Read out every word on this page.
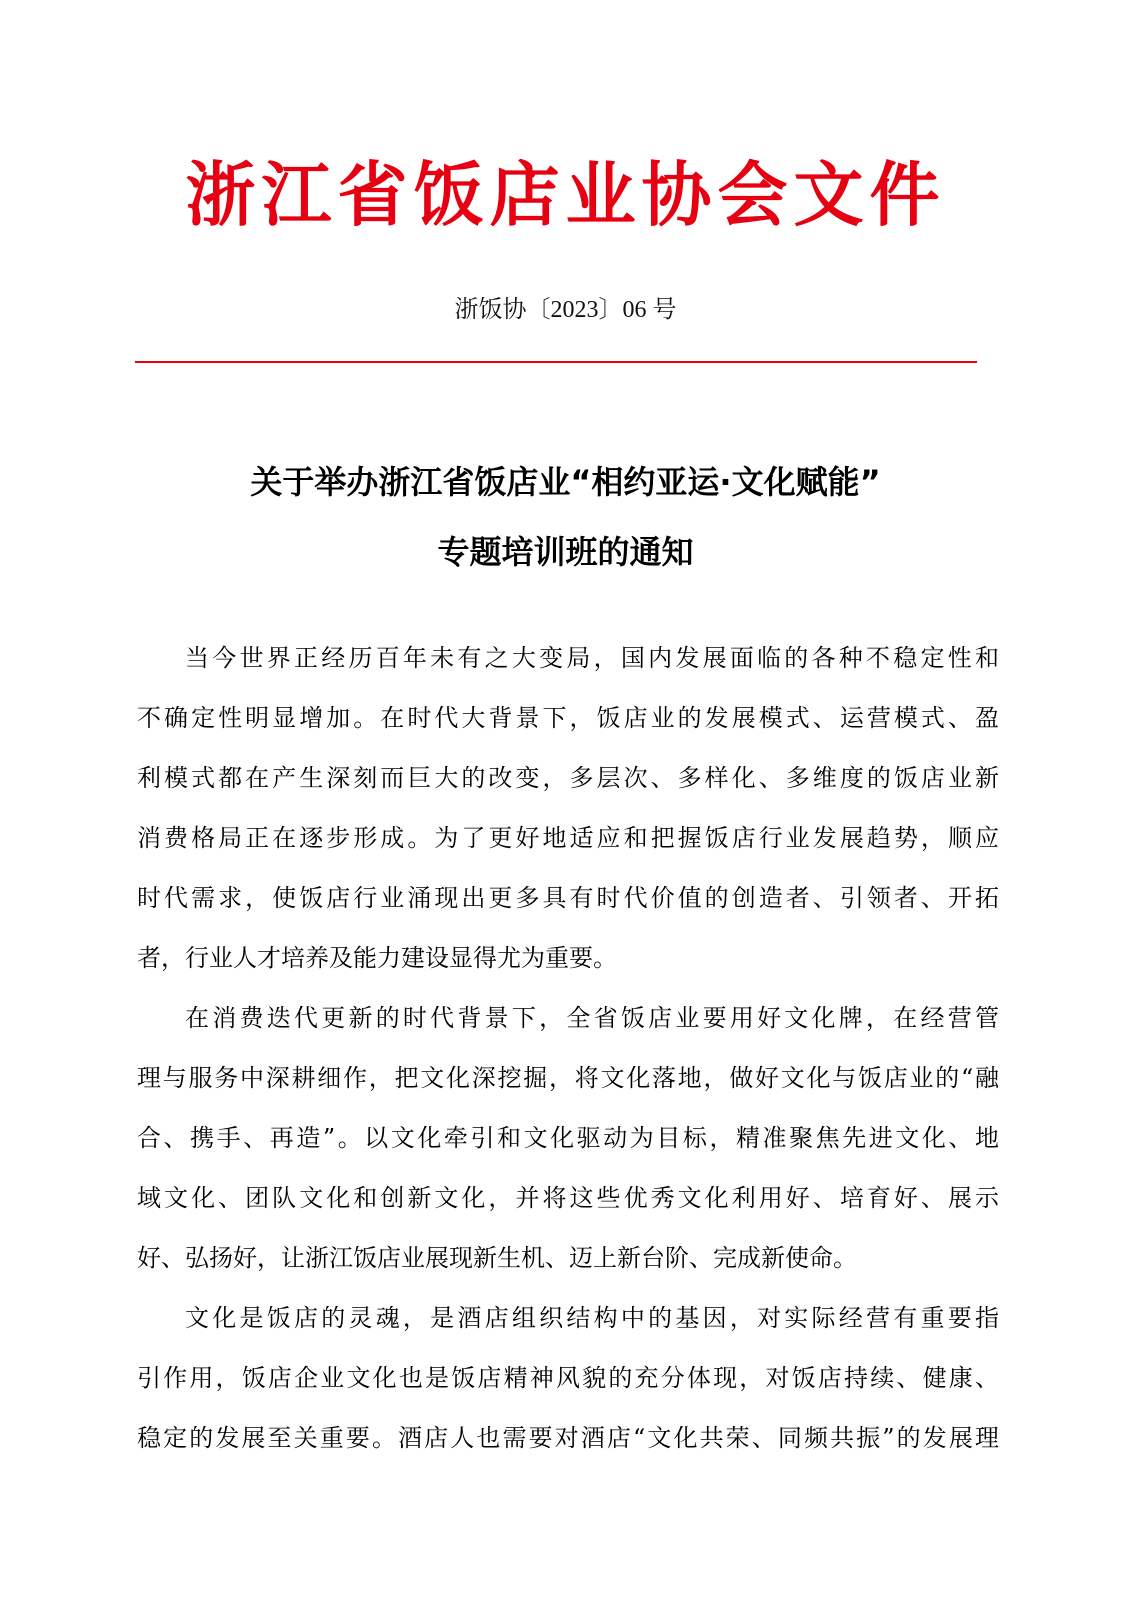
浙江省饭店业协会文件
浙饭协〔2023〕06 号
关于举办浙江省饭店业“相约亚运·文化赋能”
专题培训班的通知
当今世界正经历百年未有之大变局，国内发展面临的各种不稳定性和
不确定性明显增加。在时代大背景下，饭店业的发展模式、运营模式、盈
利模式都在产生深刻而巨大的改变，多层次、多样化、多维度的饭店业新
消费格局正在逐步形成。为了更好地适应和把握饭店行业发展趋势，顺应
时代需求，使饭店行业涌现出更多具有时代价值的创造者、引领者、开拓
者，行业人才培养及能力建设显得尤为重要。
在消费迭代更新的时代背景下，全省饭店业要用好文化牌，在经营管
理与服务中深耕细作，把文化深挖掘，将文化落地，做好文化与饭店业的“融
合、携手、再造”。以文化牵引和文化驱动为目标，精准聚焦先进文化、地
域文化、团队文化和创新文化，并将这些优秀文化利用好、培育好、展示
好、弘扬好，让浙江饭店业展现新生机、迈上新台阶、完成新使命。
文化是饭店的灵魂，是酒店组织结构中的基因，对实际经营有重要指
引作用，饭店企业文化也是饭店精神风貌的充分体现，对饭店持续、健康、
稳定的发展至关重要。酒店人也需要对酒店“文化共荣、同频共振”的发展理
